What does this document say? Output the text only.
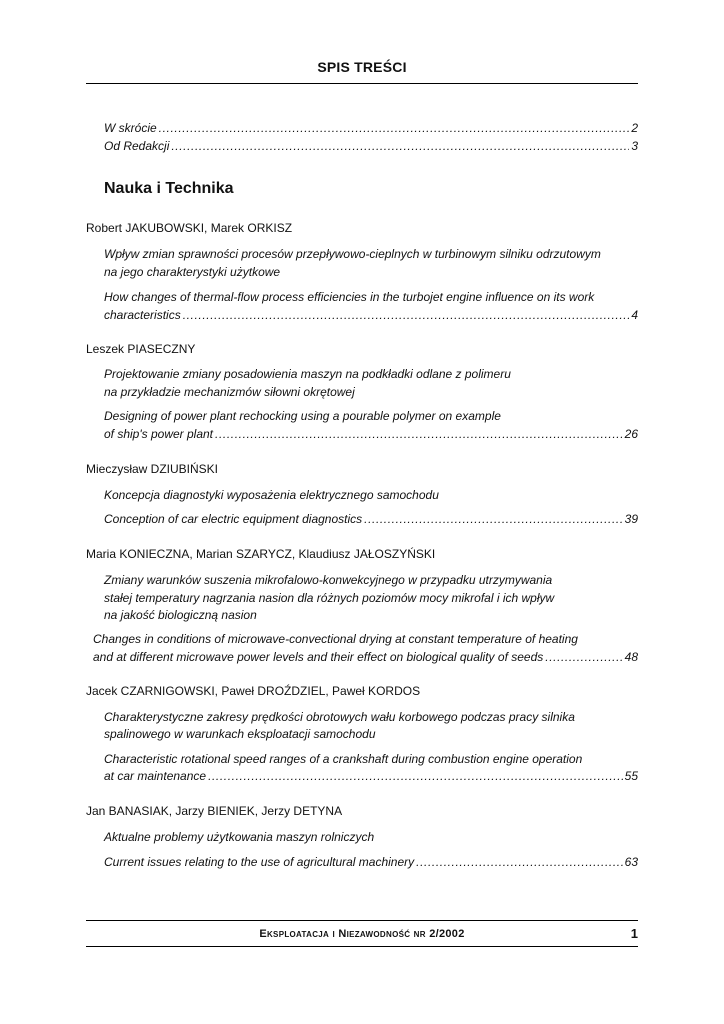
SPIS TREŚCI
W skrócie .....	2
Od Redakcji .....	3
Nauka i Technika
Robert JAKUBOWSKI, Marek ORKISZ
Wpływ zmian sprawności procesów przepływowo-cieplnych w turbinowym silniku odrzutowym
na jego charakterystyki użytkowe
How changes of thermal-flow process efficiencies in the turbojet engine influence on its work
characteristics .....	4
Leszek PIASECZNY
Projektowanie zmiany posadowienia maszyn na podkładki odlane z polimeru
na przykładzie mechanizmów siłowni okrętowej
Designing of power plant rechocking using a pourable polymer on example
of ship's power plant .....	26
Mieczysław DZIUBIŃSKI
Koncepcja diagnostyki wyposażenia elektrycznego samochodu
Conception of car electric equipment diagnostics .....	39
Maria KONIECZNA, Marian SZARYCZ, Klaudiusz JAŁOSZYŃSKI
Zmiany warunków suszenia mikrofalowo-konwekcyjnego w przypadku utrzymywania
stałej temperatury nagrzania nasion dla różnych poziomów mocy mikrofal i ich wpływ
na jakość biologiczną nasion
Changes in conditions of microwave-convectional drying at constant temperature of heating
and at different microwave power levels and their effect on biological quality of seeds .....	48
Jacek CZARNIGOWSKI, Paweł DROŹDZIEL, Paweł KORDOS
Charakterystyczne zakresy prędkości obrotowych wału korbowego podczas pracy silnika
spalinowego w warunkach eksploatacji samochodu
Characteristic rotational speed ranges of a crankshaft during combustion engine operation
at car maintenance .....	55
Jan BANASIAK, Jarzy BIENIEK, Jerzy DETYNA
Aktualne problemy użytkowania maszyn rolniczych
Current issues relating to the use of agricultural machinery .....	63
Eksploatacja i Niezawodność nr 2/2002	1
